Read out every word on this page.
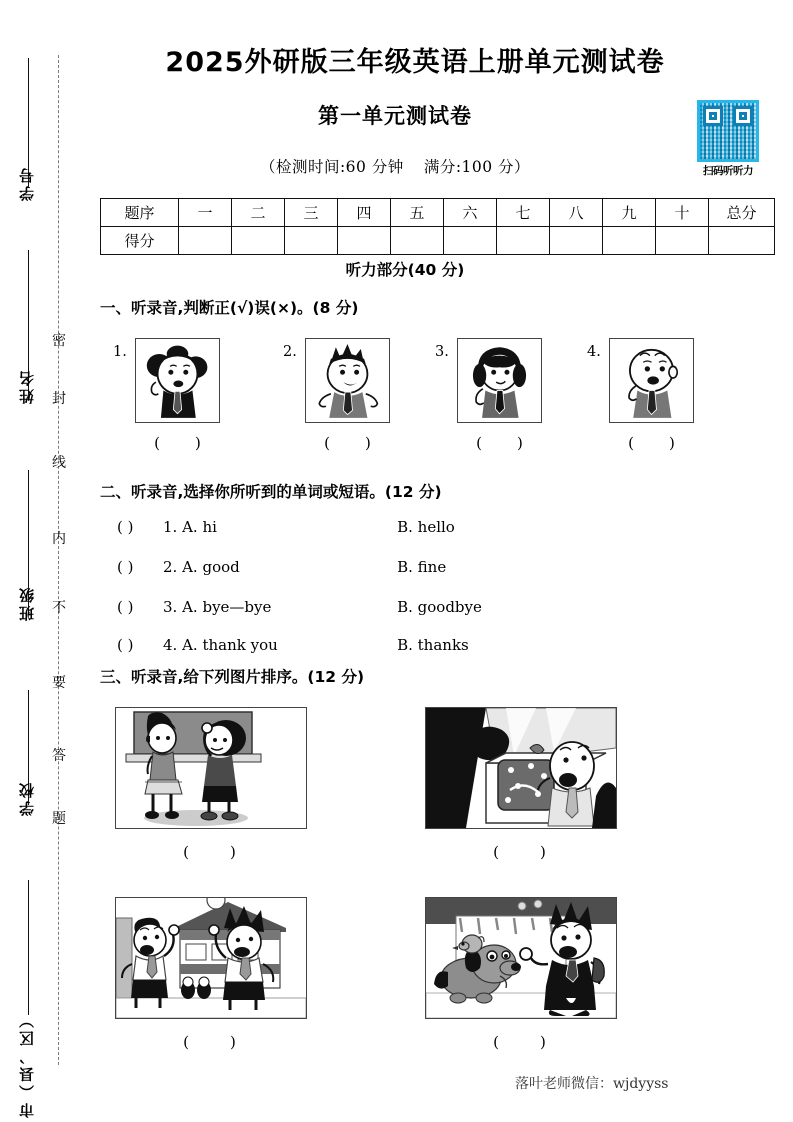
学号
姓名
班级
学校
市（县、区）
密
封
线
内
不
要
答
题
2025外研版三年级英语上册单元测试卷
第一单元测试卷
（检测时间:60 分钟 满分:100 分）	扫码听听力
题序	一	二	三	四	五	六	七	八	九	十	总分
得分											
听力部分(40 分)
一、听录音,判断正(√)误(×)。(8 分)
1.
( )
2.
( )
3.
( )
4.
( )
二、听录音,选择你所听到的单词或短语。(12 分)
( ) 1. A. hi	B. hello
( ) 2. A. good	B. fine
( ) 3. A. bye—bye	B. goodbye
( ) 4. A. thank you	B. thanks
三、听录音,给下列图片排序。(12 分)
(	)	(	)
(	)	(	)
落叶老师微信：wjdyyss
